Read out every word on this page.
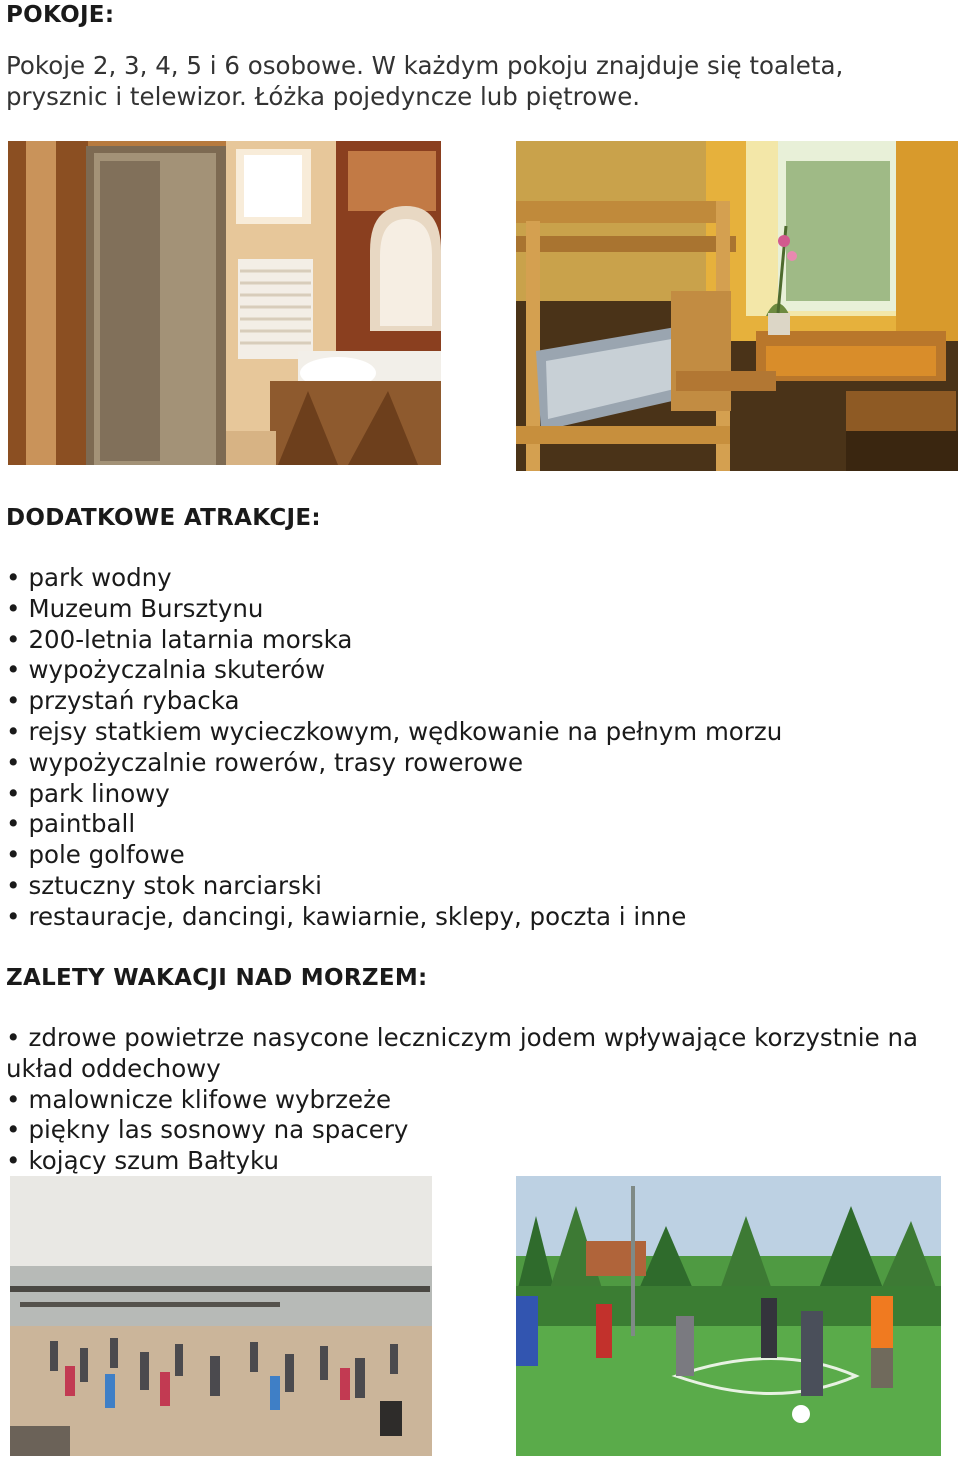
POKOJE:
Pokoje 2, 3, 4, 5 i 6 osobowe. W każdym pokoju znajduje się toaleta, prysznic i telewizor. Łóżka pojedyncze lub piętrowe.
DODATKOWE ATRAKCJE:
• park wodny
• Muzeum Bursztynu
• 200-letnia latarnia morska
• wypożyczalnia skuterów
• przystań rybacka
• rejsy statkiem wycieczkowym, wędkowanie na pełnym morzu
• wypożyczalnie rowerów, trasy rowerowe
• park linowy
• paintball
• pole golfowe
• sztuczny stok narciarski
• restauracje, dancingi, kawiarnie, sklepy, poczta i inne
ZALETY WAKACJI NAD MORZEM:
• zdrowe powietrze nasycone leczniczym jodem wpływające korzystnie na układ oddechowy
• malownicze klifowe wybrzeże
• piękny las sosnowy na spacery
• kojący szum Bałtyku
